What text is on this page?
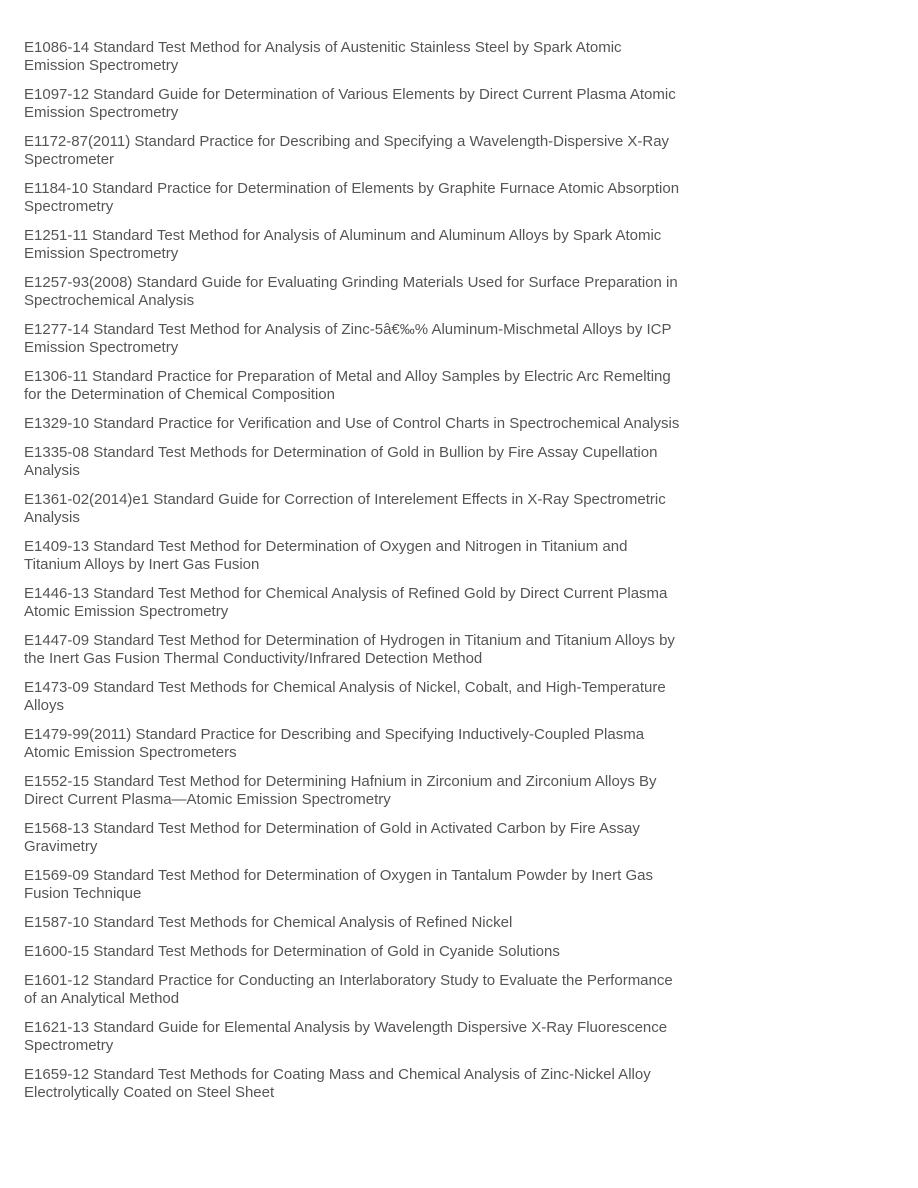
E1086-14 Standard Test Method for Analysis of Austenitic Stainless Steel by Spark Atomic Emission Spectrometry

E1097-12 Standard Guide for Determination of Various Elements by Direct Current Plasma Atomic Emission Spectrometry

E1172-87(2011) Standard Practice for Describing and Specifying a Wavelength-Dispersive X-Ray Spectrometer

E1184-10 Standard Practice for Determination of Elements by Graphite Furnace Atomic Absorption Spectrometry

E1251-11 Standard Test Method for Analysis of Aluminum and Aluminum Alloys by Spark Atomic Emission Spectrometry

E1257-93(2008) Standard Guide for Evaluating Grinding Materials Used for Surface Preparation in Spectrochemical Analysis

E1277-14 Standard Test Method for Analysis of Zinc-5â€‰% Aluminum-Mischmetal Alloys by ICP Emission Spectrometry

E1306-11 Standard Practice for Preparation of Metal and Alloy Samples by Electric Arc Remelting for the Determination of Chemical Composition

E1329-10 Standard Practice for Verification and Use of Control Charts in Spectrochemical Analysis

E1335-08 Standard Test Methods for Determination of Gold in Bullion by Fire Assay Cupellation Analysis

E1361-02(2014)e1 Standard Guide for Correction of Interelement Effects in X-Ray Spectrometric Analysis

E1409-13 Standard Test Method for Determination of Oxygen and Nitrogen in Titanium and Titanium Alloys by Inert Gas Fusion

E1446-13 Standard Test Method for Chemical Analysis of Refined Gold by Direct Current Plasma Atomic Emission Spectrometry

E1447-09 Standard Test Method for Determination of Hydrogen in Titanium and Titanium Alloys by the Inert Gas Fusion Thermal Conductivity/Infrared Detection Method

E1473-09 Standard Test Methods for Chemical Analysis of Nickel, Cobalt, and High-Temperature Alloys

E1479-99(2011) Standard Practice for Describing and Specifying Inductively-Coupled Plasma Atomic Emission Spectrometers

E1552-15 Standard Test Method for Determining Hafnium in Zirconium and Zirconium Alloys By Direct Current Plasma—Atomic Emission Spectrometry

E1568-13 Standard Test Method for Determination of Gold in Activated Carbon by Fire Assay Gravimetry

E1569-09 Standard Test Method for Determination of Oxygen in Tantalum Powder by Inert Gas Fusion Technique

E1587-10 Standard Test Methods for Chemical Analysis of Refined Nickel

E1600-15 Standard Test Methods for Determination of Gold in Cyanide Solutions

E1601-12 Standard Practice for Conducting an Interlaboratory Study to Evaluate the Performance of an Analytical Method

E1621-13 Standard Guide for Elemental Analysis by Wavelength Dispersive X-Ray Fluorescence Spectrometry

E1659-12 Standard Test Methods for Coating Mass and Chemical Analysis of Zinc-Nickel Alloy Electrolytically Coated on Steel Sheet
